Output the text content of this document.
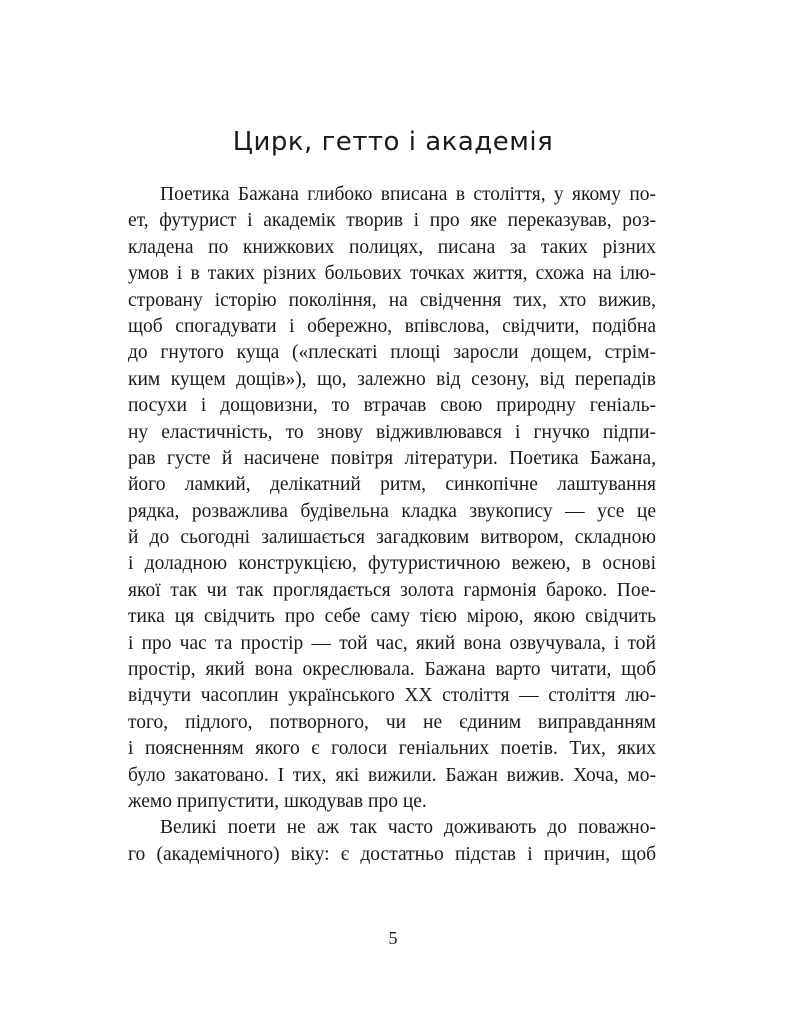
Цирк, гетто і академія
Поетика Бажана глибоко вписана в століття, у якому по-
ет, футурист і академік творив і про яке переказував, роз-
кладена по книжкових полицях, писана за таких різних
умов і в таких різних больових точках життя, схожа на ілю-
стровану історію покоління, на свідчення тих, хто вижив,
щоб спогадувати і обережно, впівслова, свідчити, подібна
до гнутого куща («плескаті площі заросли дощем, стрім-
ким кущем дощів»), що, залежно від сезону, від перепадів
посухи і дощовизни, то втрачав свою природну геніаль-
ну еластичність, то знову відживлювався і гнучко підпи-
рав густе й насичене повітря літератури. Поетика Бажана,
його ламкий, делікатний ритм, синкопічне лаштування
рядка, розважлива будівельна кладка звукопису — усе це
й до сьогодні залишається загадковим витвором, складною
і доладною конструкцією, футуристичною вежею, в основі
якої так чи так проглядається золота гармонія бароко. Пое-
тика ця свідчить про себе саму тією мірою, якою свідчить
і про час та простір — той час, який вона озвучувала, і той
простір, який вона окреслювала. Бажана варто читати, щоб
відчути часоплин українського XX століття — століття лю-
того, підлого, потворного, чи не єдиним виправданням
і поясненням якого є голоси геніальних поетів. Тих, яких
було закатовано. І тих, які вижили. Бажан вижив. Хоча, мо-
жемо припустити, шкодував про це.
Великі поети не аж так часто доживають до поважно-
го (академічного) віку: є достатньо підстав і причин, щоб
5
